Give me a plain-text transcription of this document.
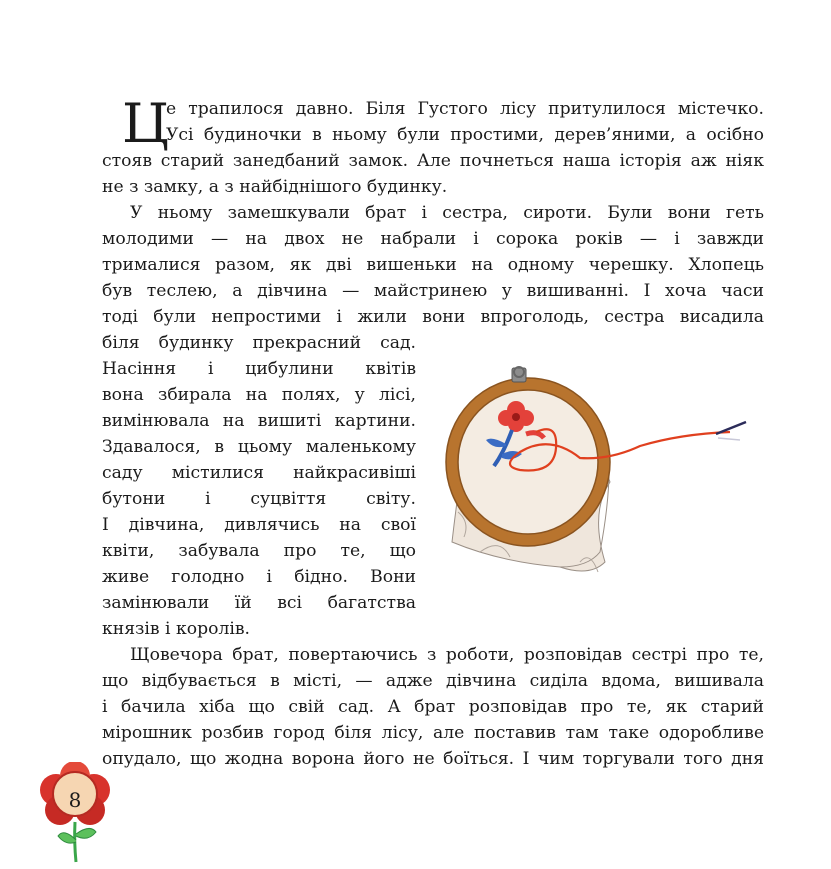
Ц
е трапилося давно. Біля Густого лісу притулилося містечко.
Усі будиночки в ньому були простими, дерев’яними, а осібно
стояв старий занедбаний замок. Але почнеться наша історія аж ніяк
не з замку, а з найбіднішого будинку.
У ньому замешкували брат і сестра, сироти. Були вони геть
молодими — на двох не набрали і сорока років — і завжди
трималися разом, як дві вишеньки на одному черешку. Хлопець
був теслею, а дівчина — майстринею у вишиванні. І хоча часи
тоді були непростими і жили вони впроголодь, сестра висадила
біля будинку прекрасний сад.
Насіння і цибулини квітів
вона збирала на полях, у лісі,
вимінювала на вишиті картини.
Здавалося, в цьому маленькому
саду містилися найкрасивіші
бутони і суцвіття світу.
І дівчина, дивлячись на свої
квіти, забувала про те, що
живе голодно і бідно. Вони
замінювали їй всі багатства
князів і королів.
Щовечора брат, повертаючись з роботи, розповідав сестрі про те,
що відбувається в місті, — адже дівчина сиділа вдома, вишивала
і бачила хіба що свій сад. А брат розповідав про те, як старий
мірошник розбив город біля лісу, але поставив там таке одоробливе
опудало, що жодна ворона його не боїться. І чим торгували того дня
8
